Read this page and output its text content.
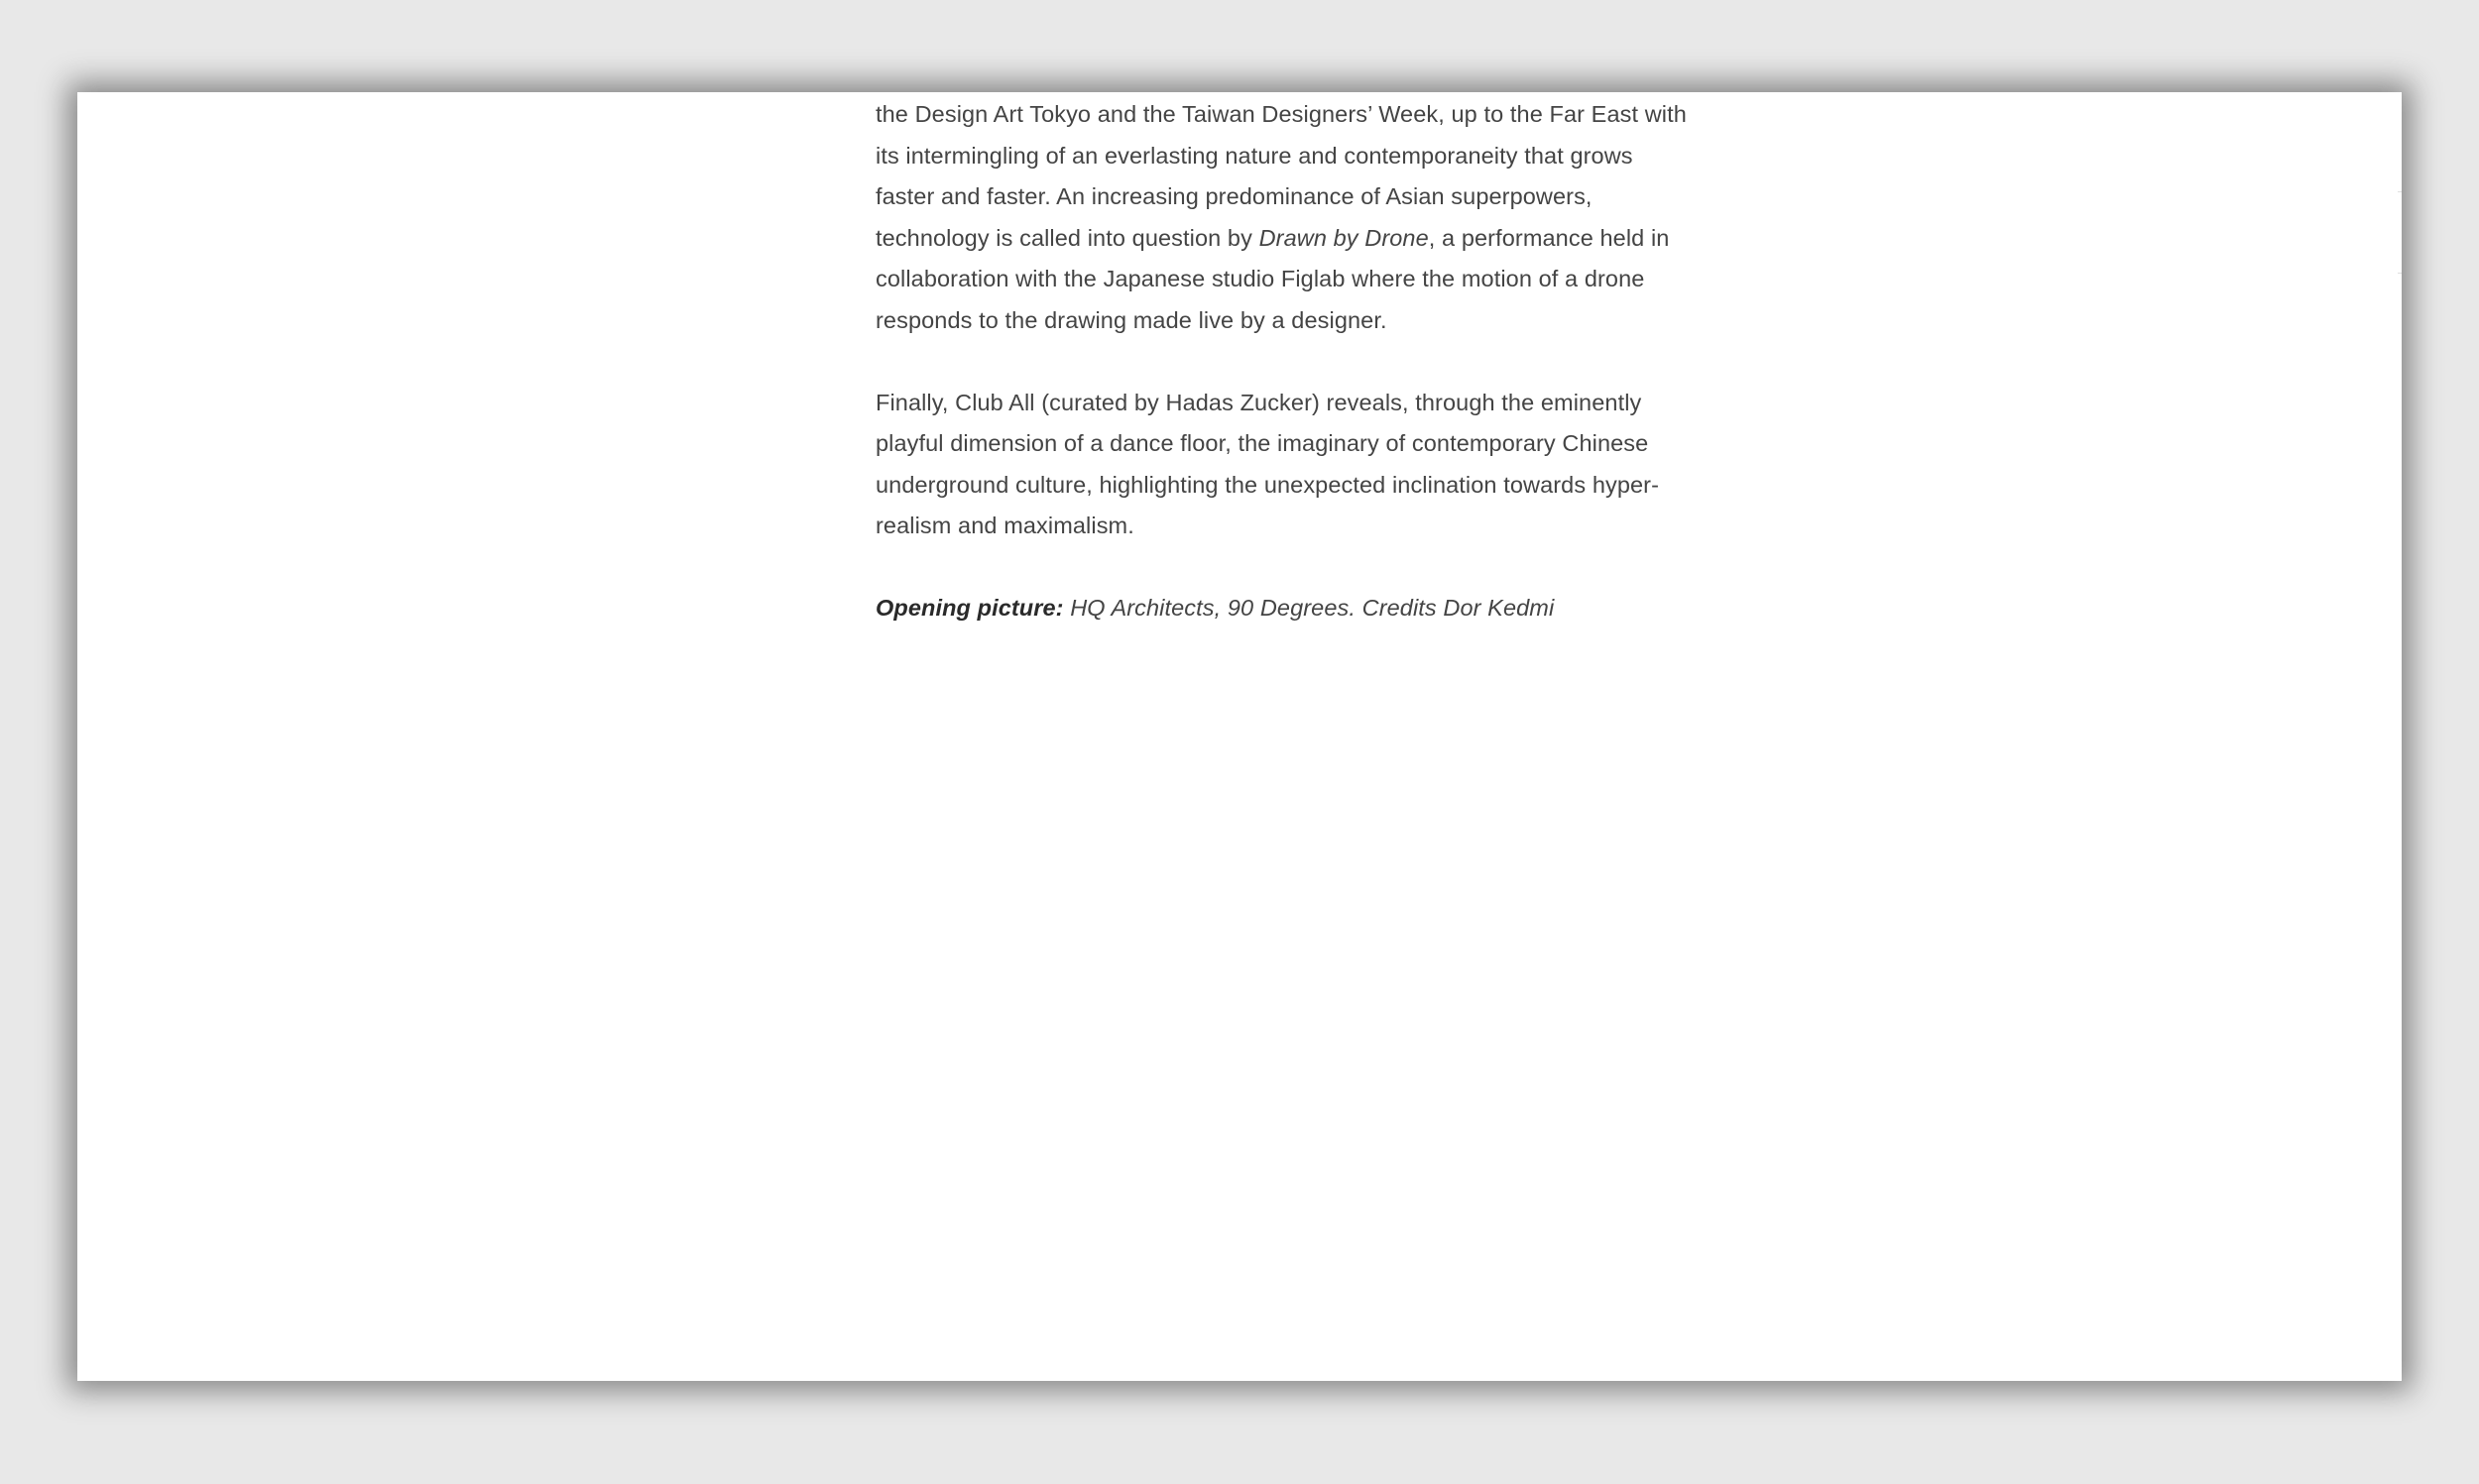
the Design Art Tokyo and the Taiwan Designers’ Week, up to the Far East with its intermingling of an everlasting nature and contemporaneity that grows faster and faster. An increasing predominance of Asian superpowers, technology is called into question by Drawn by Drone, a performance held in collaboration with the Japanese studio Figlab where the motion of a drone responds to the drawing made live by a designer.

Finally, Club All (curated by Hadas Zucker) reveals, through the eminently playful dimension of a dance floor, the imaginary of contemporary Chinese underground culture, highlighting the unexpected inclination towards hyper-realism and maximalism.

Opening picture: HQ Architects, 90 Degrees. Credits Dor Kedmi
